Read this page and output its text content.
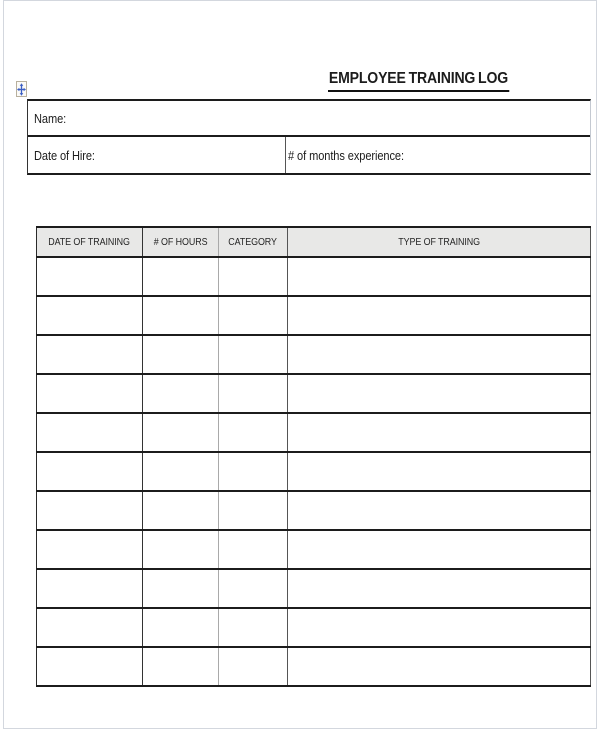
EMPLOYEE TRAINING LOG
Name:
Date of Hire:	# of months experience:
DATE OF TRAINING	# OF HOURS	CATEGORY	TYPE OF TRAINING
